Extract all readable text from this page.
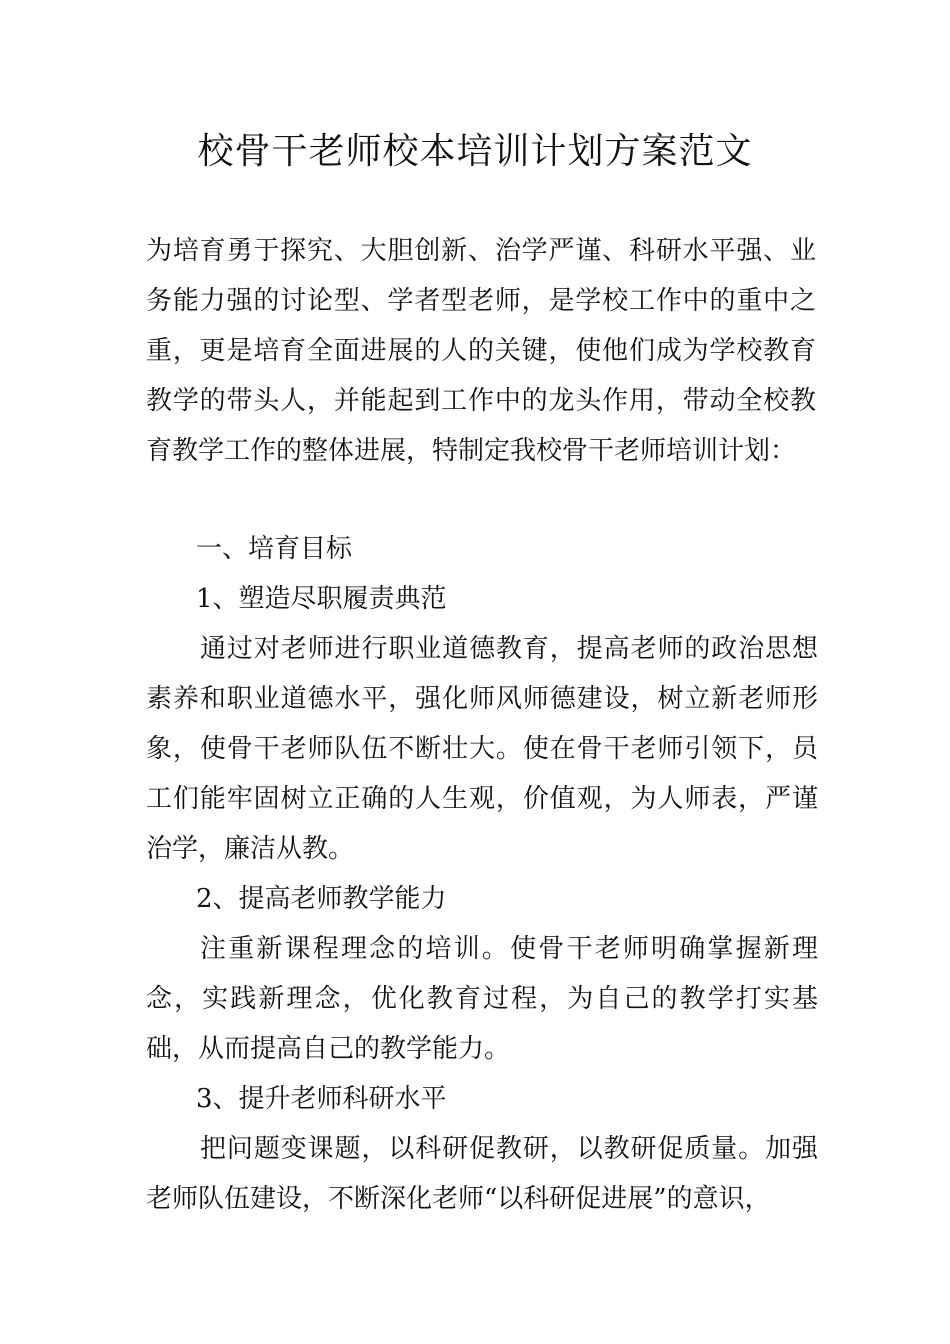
校骨干老师校本培训计划方案范文

为培育勇于探究、大胆创新、治学严谨、科研水平强、业务能力强的讨论型、学者型老师，是学校工作中的重中之重，更是培育全面进展的人的关键，使他们成为学校教育教学的带头人，并能起到工作中的龙头作用，带动全校教育教学工作的整体进展，特制定我校骨干老师培训计划：

一、培育目标

1、塑造尽职履责典范

通过对老师进行职业道德教育，提高老师的政治思想素养和职业道德水平，强化师风师德建设，树立新老师形象，使骨干老师队伍不断壮大。使在骨干老师引领下，员工们能牢固树立正确的人生观，价值观，为人师表，严谨治学，廉洁从教。

2、提高老师教学能力

注重新课程理念的培训。使骨干老师明确掌握新理念，实践新理念，优化教育过程，为自己的教学打实基础，从而提高自己的教学能力。

3、提升老师科研水平

把问题变课题，以科研促教研，以教研促质量。加强老师队伍建设，不断深化老师“以科研促进展”的意识，
